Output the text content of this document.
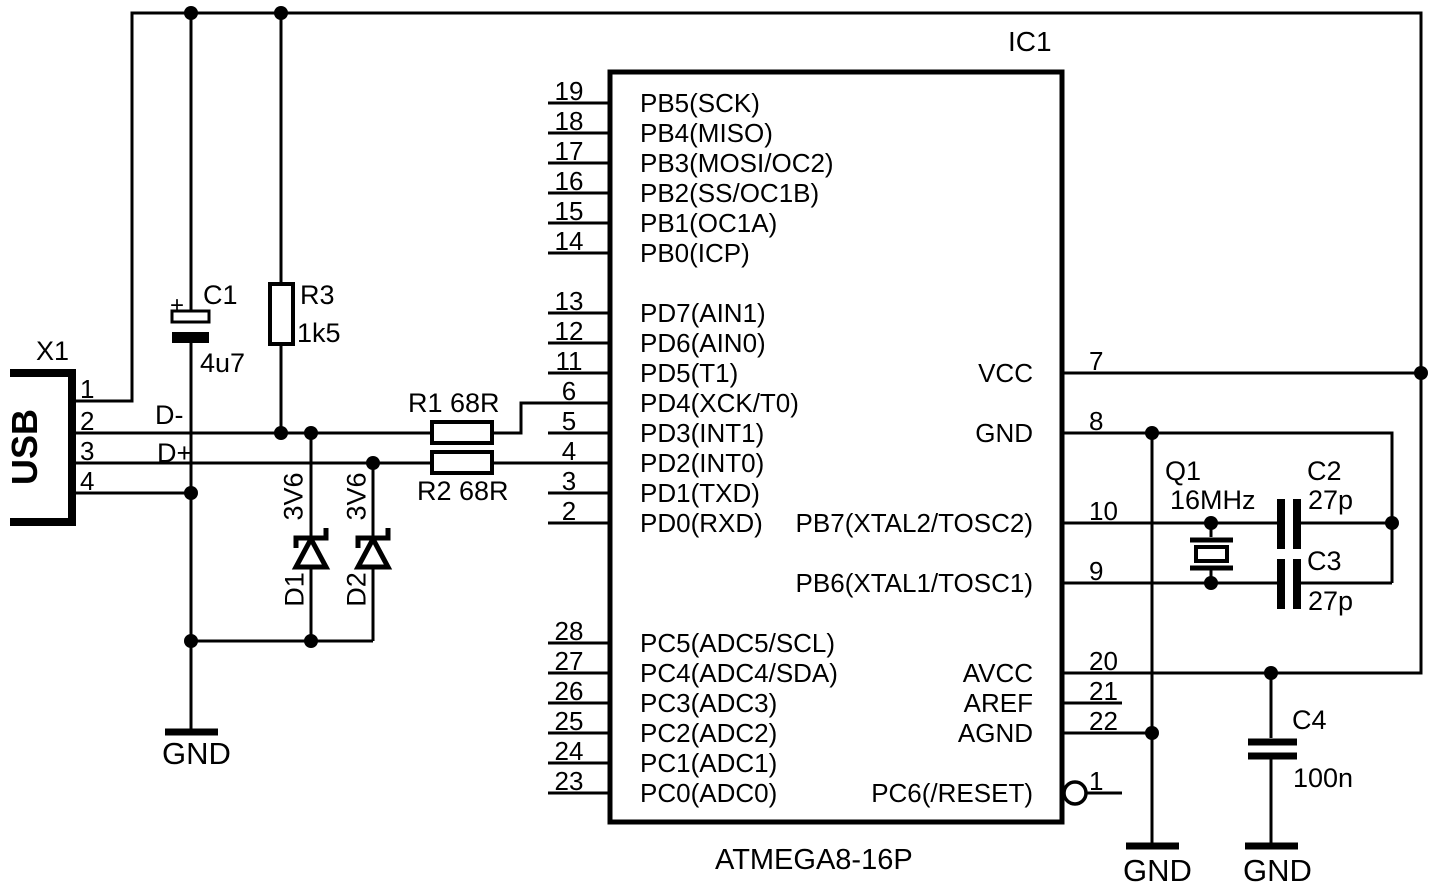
X1
USB
1
2
3
4
D-
D+
+ C1
4u7
R3
1k5
R1 68R
R2 68R
3V6
D1
3V6
D2
IC1
ATMEGA8-16P
Q1
16MHz
C2
27p
C3
27p
C4
100n
GND
GND GND
19
18
17
16
15
14
13
12
11
6
5
4
3
2
28
27
26
25
24
23
PB5(SCK)
PB4(MISO)
PB3(MOSI/OC2)
PB2(SS/OC1B)
PB1(OC1A)
PB0(ICP)
PD7(AIN1)
PD6(AIN0)
PD5(T1)
PD4(XCK/T0)
PD3(INT1)
PD2(INT0)
PD1(TXD)
PD0(RXD)
PC5(ADC5/SCL)
PC4(ADC4/SDA)
PC3(ADC3)
PC2(ADC2)
PC1(ADC1)
PC0(ADC0)
7
8
10
9
20
21
22
1
VCC
GND
PB7(XTAL2/TOSC2)
PB6(XTAL1/TOSC1)
AVCC
AREF
AGND
PC6(/RESET)
